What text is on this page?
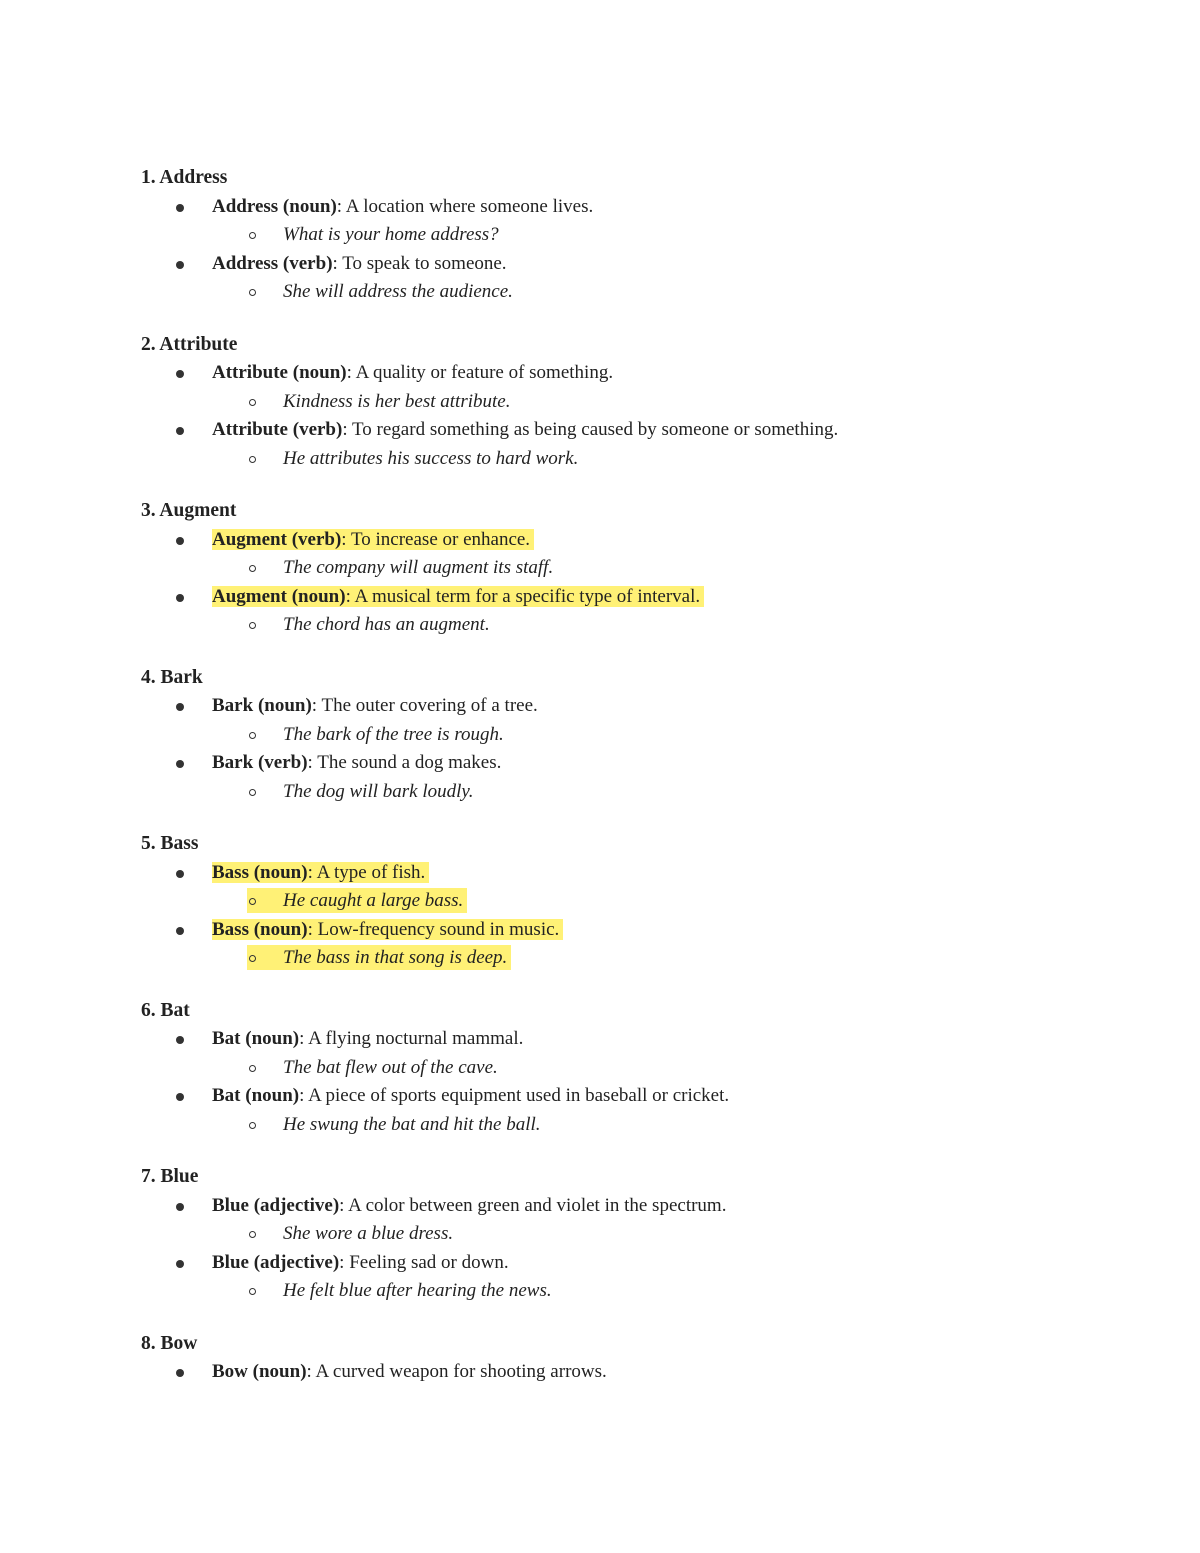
1. Address
Address (noun): A location where someone lives.
What is your home address?
Address (verb): To speak to someone.
She will address the audience.
2. Attribute
Attribute (noun): A quality or feature of something.
Kindness is her best attribute.
Attribute (verb): To regard something as being caused by someone or something.
He attributes his success to hard work.
3. Augment
Augment (verb): To increase or enhance.
The company will augment its staff.
Augment (noun): A musical term for a specific type of interval.
The chord has an augment.
4. Bark
Bark (noun): The outer covering of a tree.
The bark of the tree is rough.
Bark (verb): The sound a dog makes.
The dog will bark loudly.
5. Bass
Bass (noun): A type of fish.
He caught a large bass.
Bass (noun): Low-frequency sound in music.
The bass in that song is deep.
6. Bat
Bat (noun): A flying nocturnal mammal.
The bat flew out of the cave.
Bat (noun): A piece of sports equipment used in baseball or cricket.
He swung the bat and hit the ball.
7. Blue
Blue (adjective): A color between green and violet in the spectrum.
She wore a blue dress.
Blue (adjective): Feeling sad or down.
He felt blue after hearing the news.
8. Bow
Bow (noun): A curved weapon for shooting arrows.
